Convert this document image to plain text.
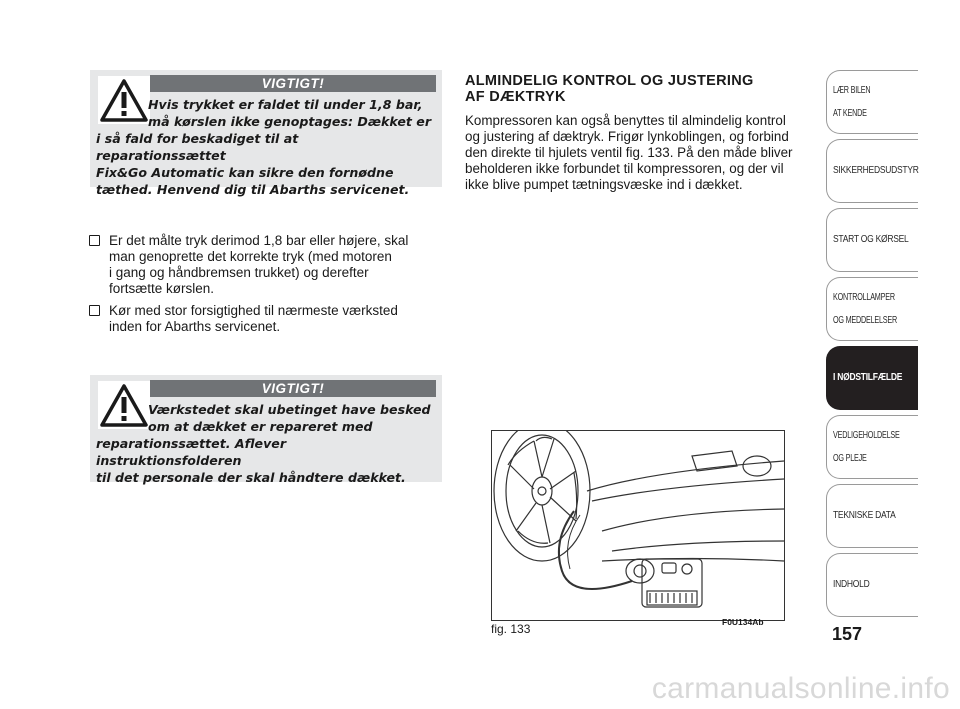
VIGTIGT!
Hvis trykket er faldet til under 1,8 bar,
må kørslen ikke genoptages: Dækket er
i så fald for beskadiget til at reparationssættet
Fix&Go Automatic kan sikre den fornødne
tæthed. Henvend dig til Abarths servicenet.
Er det målte tryk derimod 1,8 bar eller højere, skal
man genoprette det korrekte tryk (med motoren
i gang og håndbremsen trukket) og derefter
fortsætte kørslen.
Kør med stor forsigtighed til nærmeste værksted
inden for Abarths servicenet.
VIGTIGT!
Værkstedet skal ubetinget have besked
om at dækket er repareret med
reparationssættet. Aflever instruktionsfolderen
til det personale der skal håndtere dækket.
ALMINDELIG KONTROL OG JUSTERING
AF DÆKTRYK
Kompressoren kan også benyttes til almindelig kontrol
og justering af dæktryk. Frigør lynkoblingen, og forbind
den direkte til hjulets ventil fig. 133. På den måde bliver
beholderen ikke forbundet til kompressoren, og der vil
ikke blive pumpet tætningsvæske ind i dækket.
fig. 133	F0U134Ab
LÆR BILEN

AT KENDE
SIKKERHEDSUDSTYR
START OG KØRSEL
KONTROLLAMPER

OG MEDDELELSER
I NØDSTILFÆLDE
VEDLIGEHOLDELSE

OG PLEJE
TEKNISKE DATA
INDHOLD
157
carmanualsonline.info
